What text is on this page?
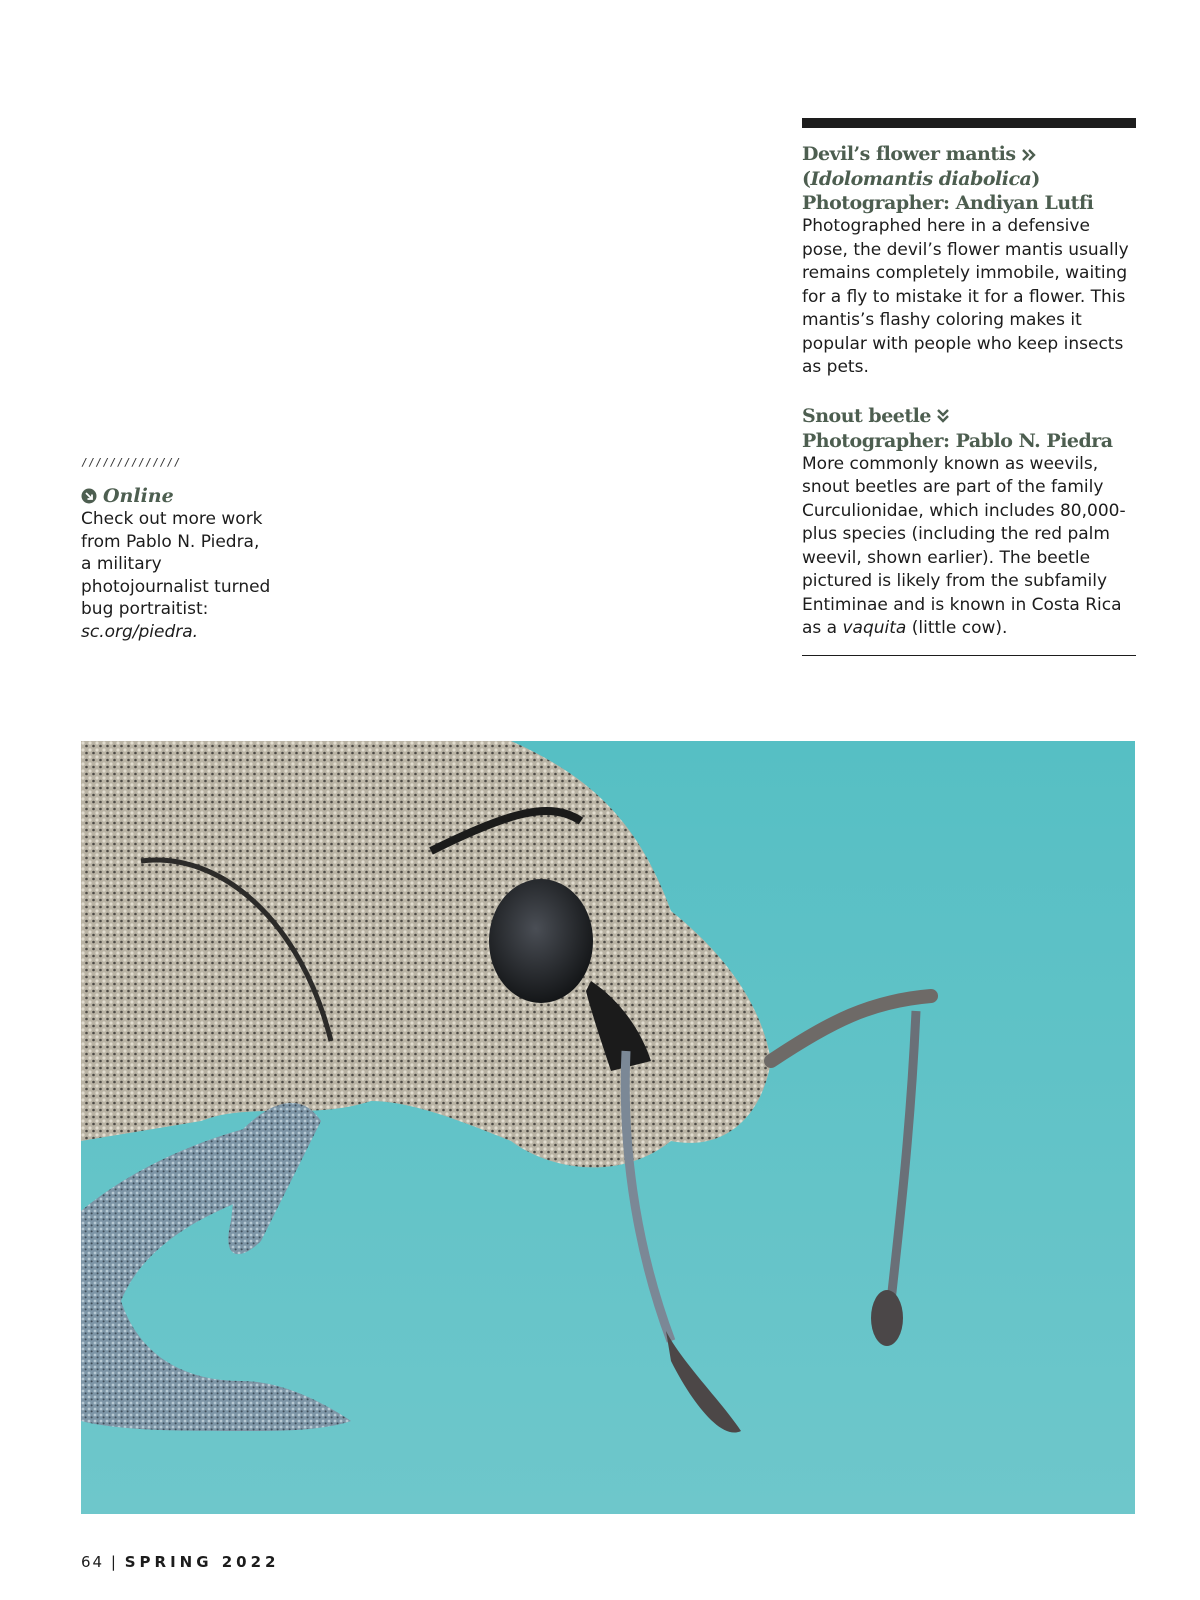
Devil’s flower mantis
(Idolomantis diabolica)
Photographer: Andiyan Lutfi
Photographed here in a defensive pose, the devil’s flower mantis usually remains completely immobile, waiting for a fly to mistake it for a flower. This mantis’s flashy coloring makes it popular with people who keep insects as pets.
Snout beetle
Photographer: Pablo N. Piedra
More commonly known as weevils, snout beetles are part of the family Curculionidae, which includes 80,000-plus species (including the red palm weevil, shown earlier). The beetle pictured is likely from the subfamily Entiminae and is known in Costa Rica as a vaquita (little cow).
//////////////
Online
Check out more work from Pablo N. Piedra, a military photojournalist turned bug portraitist: sc.org/piedra.
64 | SPRING 2022
